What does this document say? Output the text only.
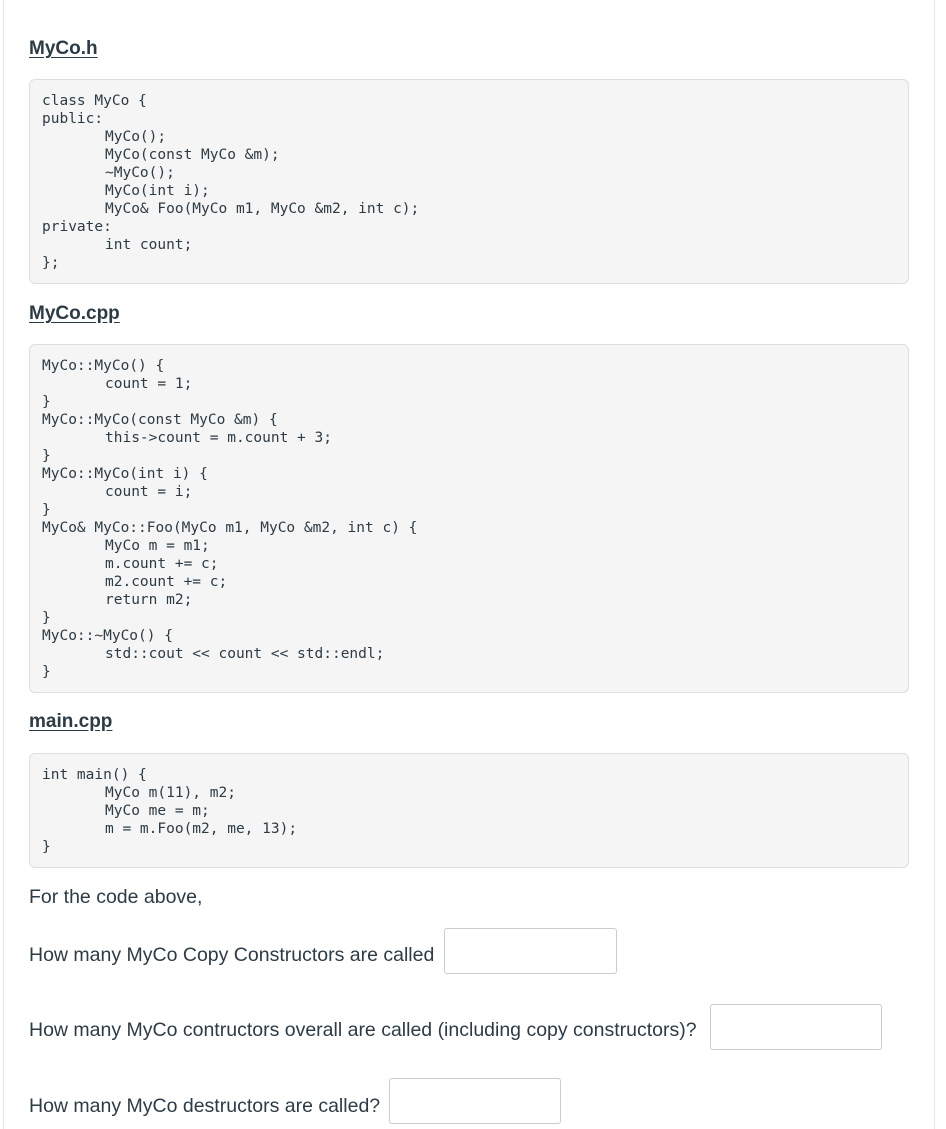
MyCo.h
class MyCo {
public:
MyCo();
MyCo(const MyCo &m);
~MyCo();
MyCo(int i);
MyCo& Foo(MyCo m1, MyCo &m2, int c);
private:
int count;
};
MyCo.cpp
MyCo::MyCo() {
count = 1;
}
MyCo::MyCo(const MyCo &m) {
this->count = m.count + 3;
}
MyCo::MyCo(int i) {
count = i;
}
MyCo& MyCo::Foo(MyCo m1, MyCo &m2, int c) {
MyCo m = m1;
m.count += c;
m2.count += c;
return m2;
}
MyCo::~MyCo() {
std::cout << count << std::endl;
}
main.cpp
int main() {
MyCo m(11), m2;
MyCo me = m;
m = m.Foo(m2, me, 13);
}

For the code above,

How many MyCo Copy Constructors are called

How many MyCo contructors overall are called (including copy constructors)?

How many MyCo destructors are called?
